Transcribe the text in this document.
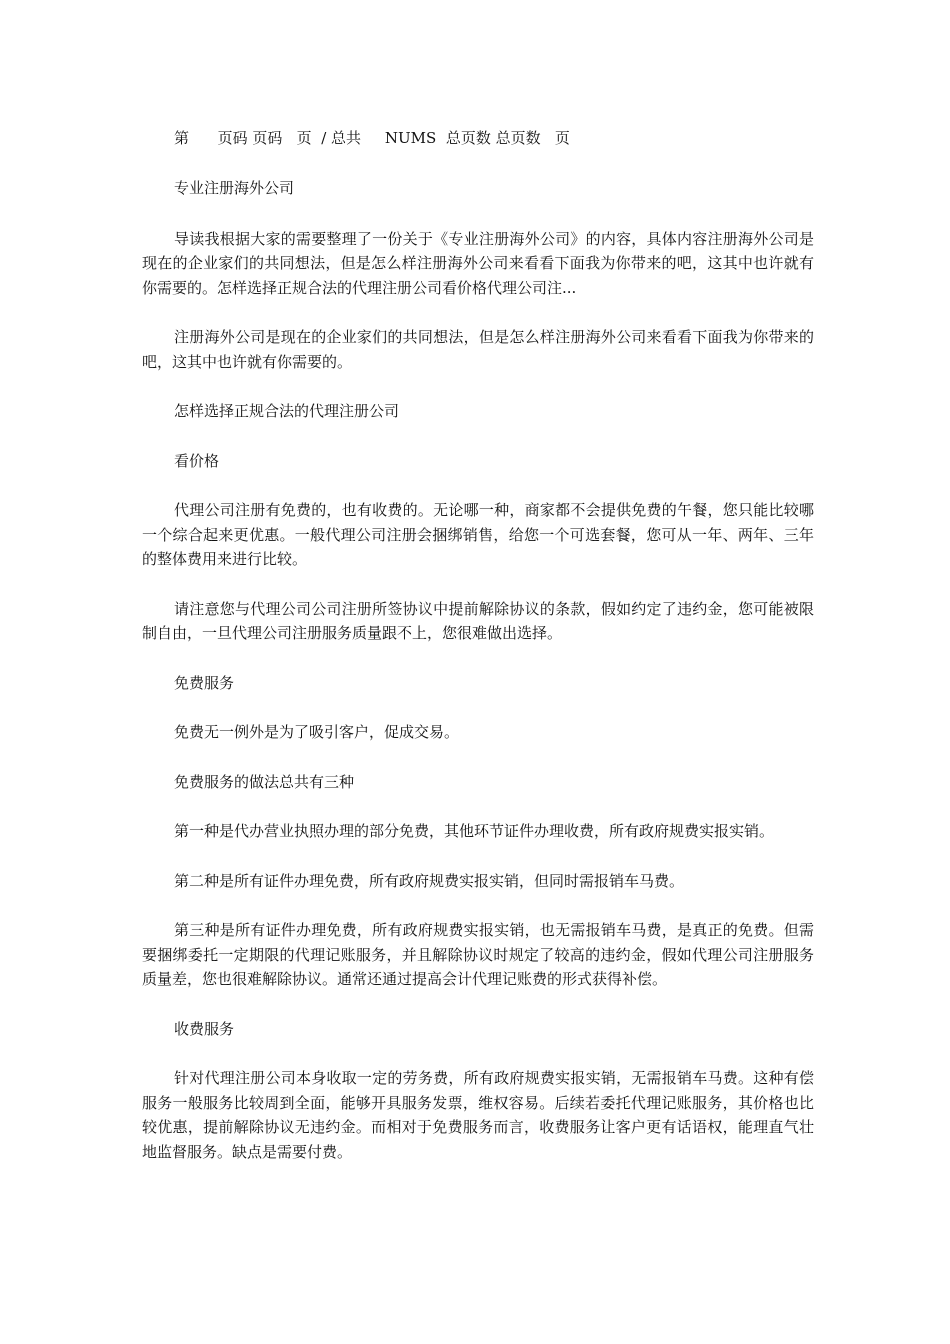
第      页码 页码   页  / 总共     NUMS  总页数 总页数   页

专业注册海外公司

导读我根据大家的需要整理了一份关于《专业注册海外公司》的内容，具体内容注册海外公司是现在的企业家们的共同想法，但是怎么样注册海外公司来看看下面我为你带来的吧，这其中也许就有你需要的。怎样选择正规合法的代理注册公司看价格代理公司注...

注册海外公司是现在的企业家们的共同想法，但是怎么样注册海外公司来看看下面我为你带来的吧，这其中也许就有你需要的。

怎样选择正规合法的代理注册公司

看价格

代理公司注册有免费的，也有收费的。无论哪一种，商家都不会提供免费的午餐，您只能比较哪一个综合起来更优惠。一般代理公司注册会捆绑销售，给您一个可选套餐，您可从一年、两年、三年的整体费用来进行比较。

请注意您与代理公司公司注册所签协议中提前解除协议的条款，假如约定了违约金，您可能被限制自由，一旦代理公司注册服务质量跟不上，您很难做出选择。

免费服务

免费无一例外是为了吸引客户，促成交易。

免费服务的做法总共有三种

第一种是代办营业执照办理的部分免费，其他环节证件办理收费，所有政府规费实报实销。

第二种是所有证件办理免费，所有政府规费实报实销，但同时需报销车马费。

第三种是所有证件办理免费，所有政府规费实报实销，也无需报销车马费，是真正的免费。但需要捆绑委托一定期限的代理记账服务，并且解除协议时规定了较高的违约金，假如代理公司注册服务质量差，您也很难解除协议。通常还通过提高会计代理记账费的形式获得补偿。

收费服务

针对代理注册公司本身收取一定的劳务费，所有政府规费实报实销，无需报销车马费。这种有偿服务一般服务比较周到全面，能够开具服务发票，维权容易。后续若委托代理记账服务，其价格也比较优惠，提前解除协议无违约金。而相对于免费服务而言，收费服务让客户更有话语权，能理直气壮地监督服务。缺点是需要付费。
